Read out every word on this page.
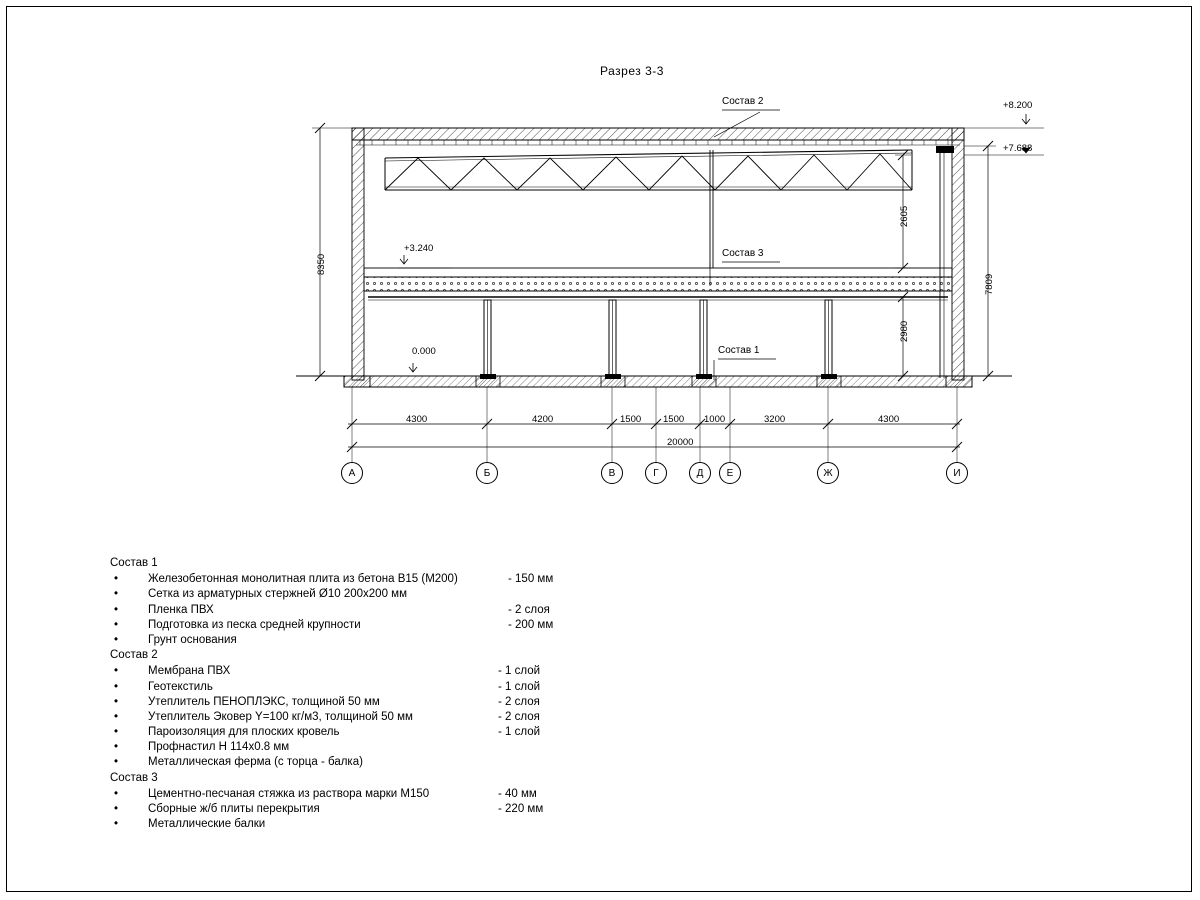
Разрез 3-3
Состав 2
Состав 3
Состав 1
+8.200
+7.688
+3.240
0.000
8350
7809
2605
2980
4300	4200	1500 1500 1000	3200	4300
20000
А	Б	В	Г	Д	Е	Ж	И
Состав 1
•	Железобетонная монолитная плита из бетона В15 (М200)	- 150 мм
•	Сетка из арматурных стержней Ø10 200x200 мм
•	Пленка ПВХ	- 2 слоя
•	Подготовка из песка средней крупности	- 200 мм
•	Грунт основания
Состав 2
•	Мембрана ПВХ	- 1 слой
•	Геотекстиль	- 1 слой
•	Утеплитель ПЕНОПЛЭКС, толщиной 50 мм	- 2 слоя
•	Утеплитель Эковер Y=100 кг/м3, толщиной 50 мм	- 2 слоя
•	Пароизоляция для плоских кровель	- 1 слой
•	Профнастил Н 114х0.8 мм
•	Металлическая ферма (с торца - балка)
Состав 3
•	Цементно-песчаная стяжка из раствора марки М150	- 40 мм
•	Сборные ж/б плиты перекрытия	- 220 мм
•	Металлические балки
